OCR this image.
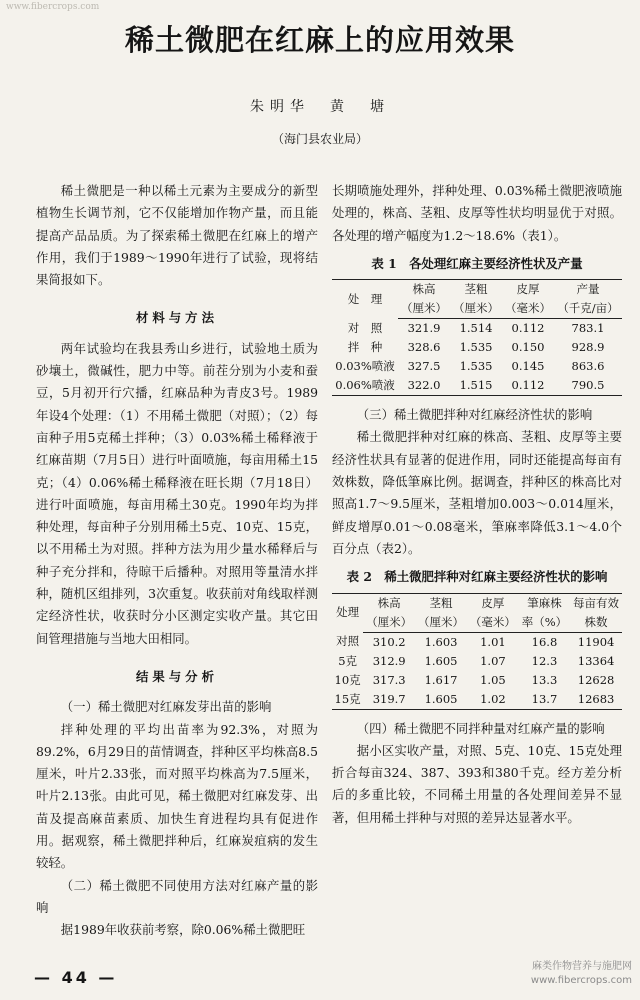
www.fibercrops.com
稀土微肥在红麻上的应用效果
朱明华　黄　塘
（海门县农业局）

稀土微肥是一种以稀土元素为主要成分的新型植物生长调节剂，它不仅能增加作物产量，而且能提高产品品质。为了探索稀土微肥在红麻上的增产作用，我们于1989～1990年进行了试验，现将结果简报如下。

材料与方法

两年试验均在我县秀山乡进行，试验地土质为砂壤土，微碱性，肥力中等。前茬分别为小麦和蚕豆，5月初开行穴播，红麻品种为青皮3号。1989年设4个处理：（1）不用稀土微肥（对照）；（2）每亩种子用5克稀土拌种；（3）0.03%稀土稀释液于红麻苗期（7月5日）进行叶面喷施，每亩用稀土15克；（4）0.06%稀土稀释液在旺长期（7月18日）进行叶面喷施，每亩用稀土30克。1990年均为拌种处理，每亩种子分别用稀土5克、10克、15克，以不用稀土为对照。拌种方法为用少量水稀释后与种子充分拌和，待晾干后播种。对照用等量清水拌种，随机区组排列，3次重复。收获前对角线取样测定经济性状，收获时分小区测定实收产量。其它田间管理措施与当地大田相同。

结果与分析

（一）稀土微肥对红麻发芽出苗的影响

拌种处理的平均出苗率为92.3%，对照为89.2%，6月29日的苗情调查，拌种区平均株高8.5厘米，叶片2.33张，而对照平均株高为7.5厘米，叶片2.13张。由此可见，稀土微肥对红麻发芽、出苗及提高麻苗素质、加快生育进程均具有促进作用。据观察，稀土微肥拌种后，红麻炭疽病的发生较轻。

（二）稀土微肥不同使用方法对红麻产量的影响

据1989年收获前考察，除0.06%稀土微肥旺

长期喷施处理外，拌种处理、0.03%稀土微肥液喷施处理的，株高、茎粗、皮厚等性状均明显优于对照。各处理的增产幅度为1.2～18.6%（表1）。

表 1　各处理红麻主要经济性状及产量
处　理	株高	茎粗	皮厚	产量
	（厘米）	（厘米）	（毫米）	（千克/亩）
对　照	321.9	1.514	0.112	783.1
拌　种	328.6	1.535	0.150	928.9
0.03%喷液	327.5	1.535	0.145	863.6
0.06%喷液	322.0	1.515	0.112	790.5

（三）稀土微肥拌种对红麻经济性状的影响

稀土微肥拌种对红麻的株高、茎粗、皮厚等主要经济性状具有显著的促进作用，同时还能提高每亩有效株数，降低筆麻比例。据调查，拌种区的株高比对照高1.7～9.5厘米，茎粗增加0.003～0.014厘米，鲜皮增厚0.01～0.08毫米，筆麻率降低3.1～4.0个百分点（表2）。

表 2　稀土微肥拌种对红麻主要经济性状的影响
处理	株高	茎粗	皮厚	筆麻株	每亩有效
	（厘米）	（厘米）	（毫米）	率（%）	株数
对照	310.2	1.603	1.01	16.8	11904
5克	312.9	1.605	1.07	12.3	13364
10克	317.3	1.617	1.05	13.3	12628
15克	319.7	1.605	1.02	13.7	12683

（四）稀土微肥不同拌种量对红麻产量的影响

据小区实收产量，对照、5克、10克、15克处理折合每亩324、387、393和380千克。经方差分析后的多重比较，不同稀土用量的各处理间差异不显著，但用稀土拌种与对照的差异达显著水平。

— 44 —
麻类作物营养与施肥网
www.fibercrops.com
